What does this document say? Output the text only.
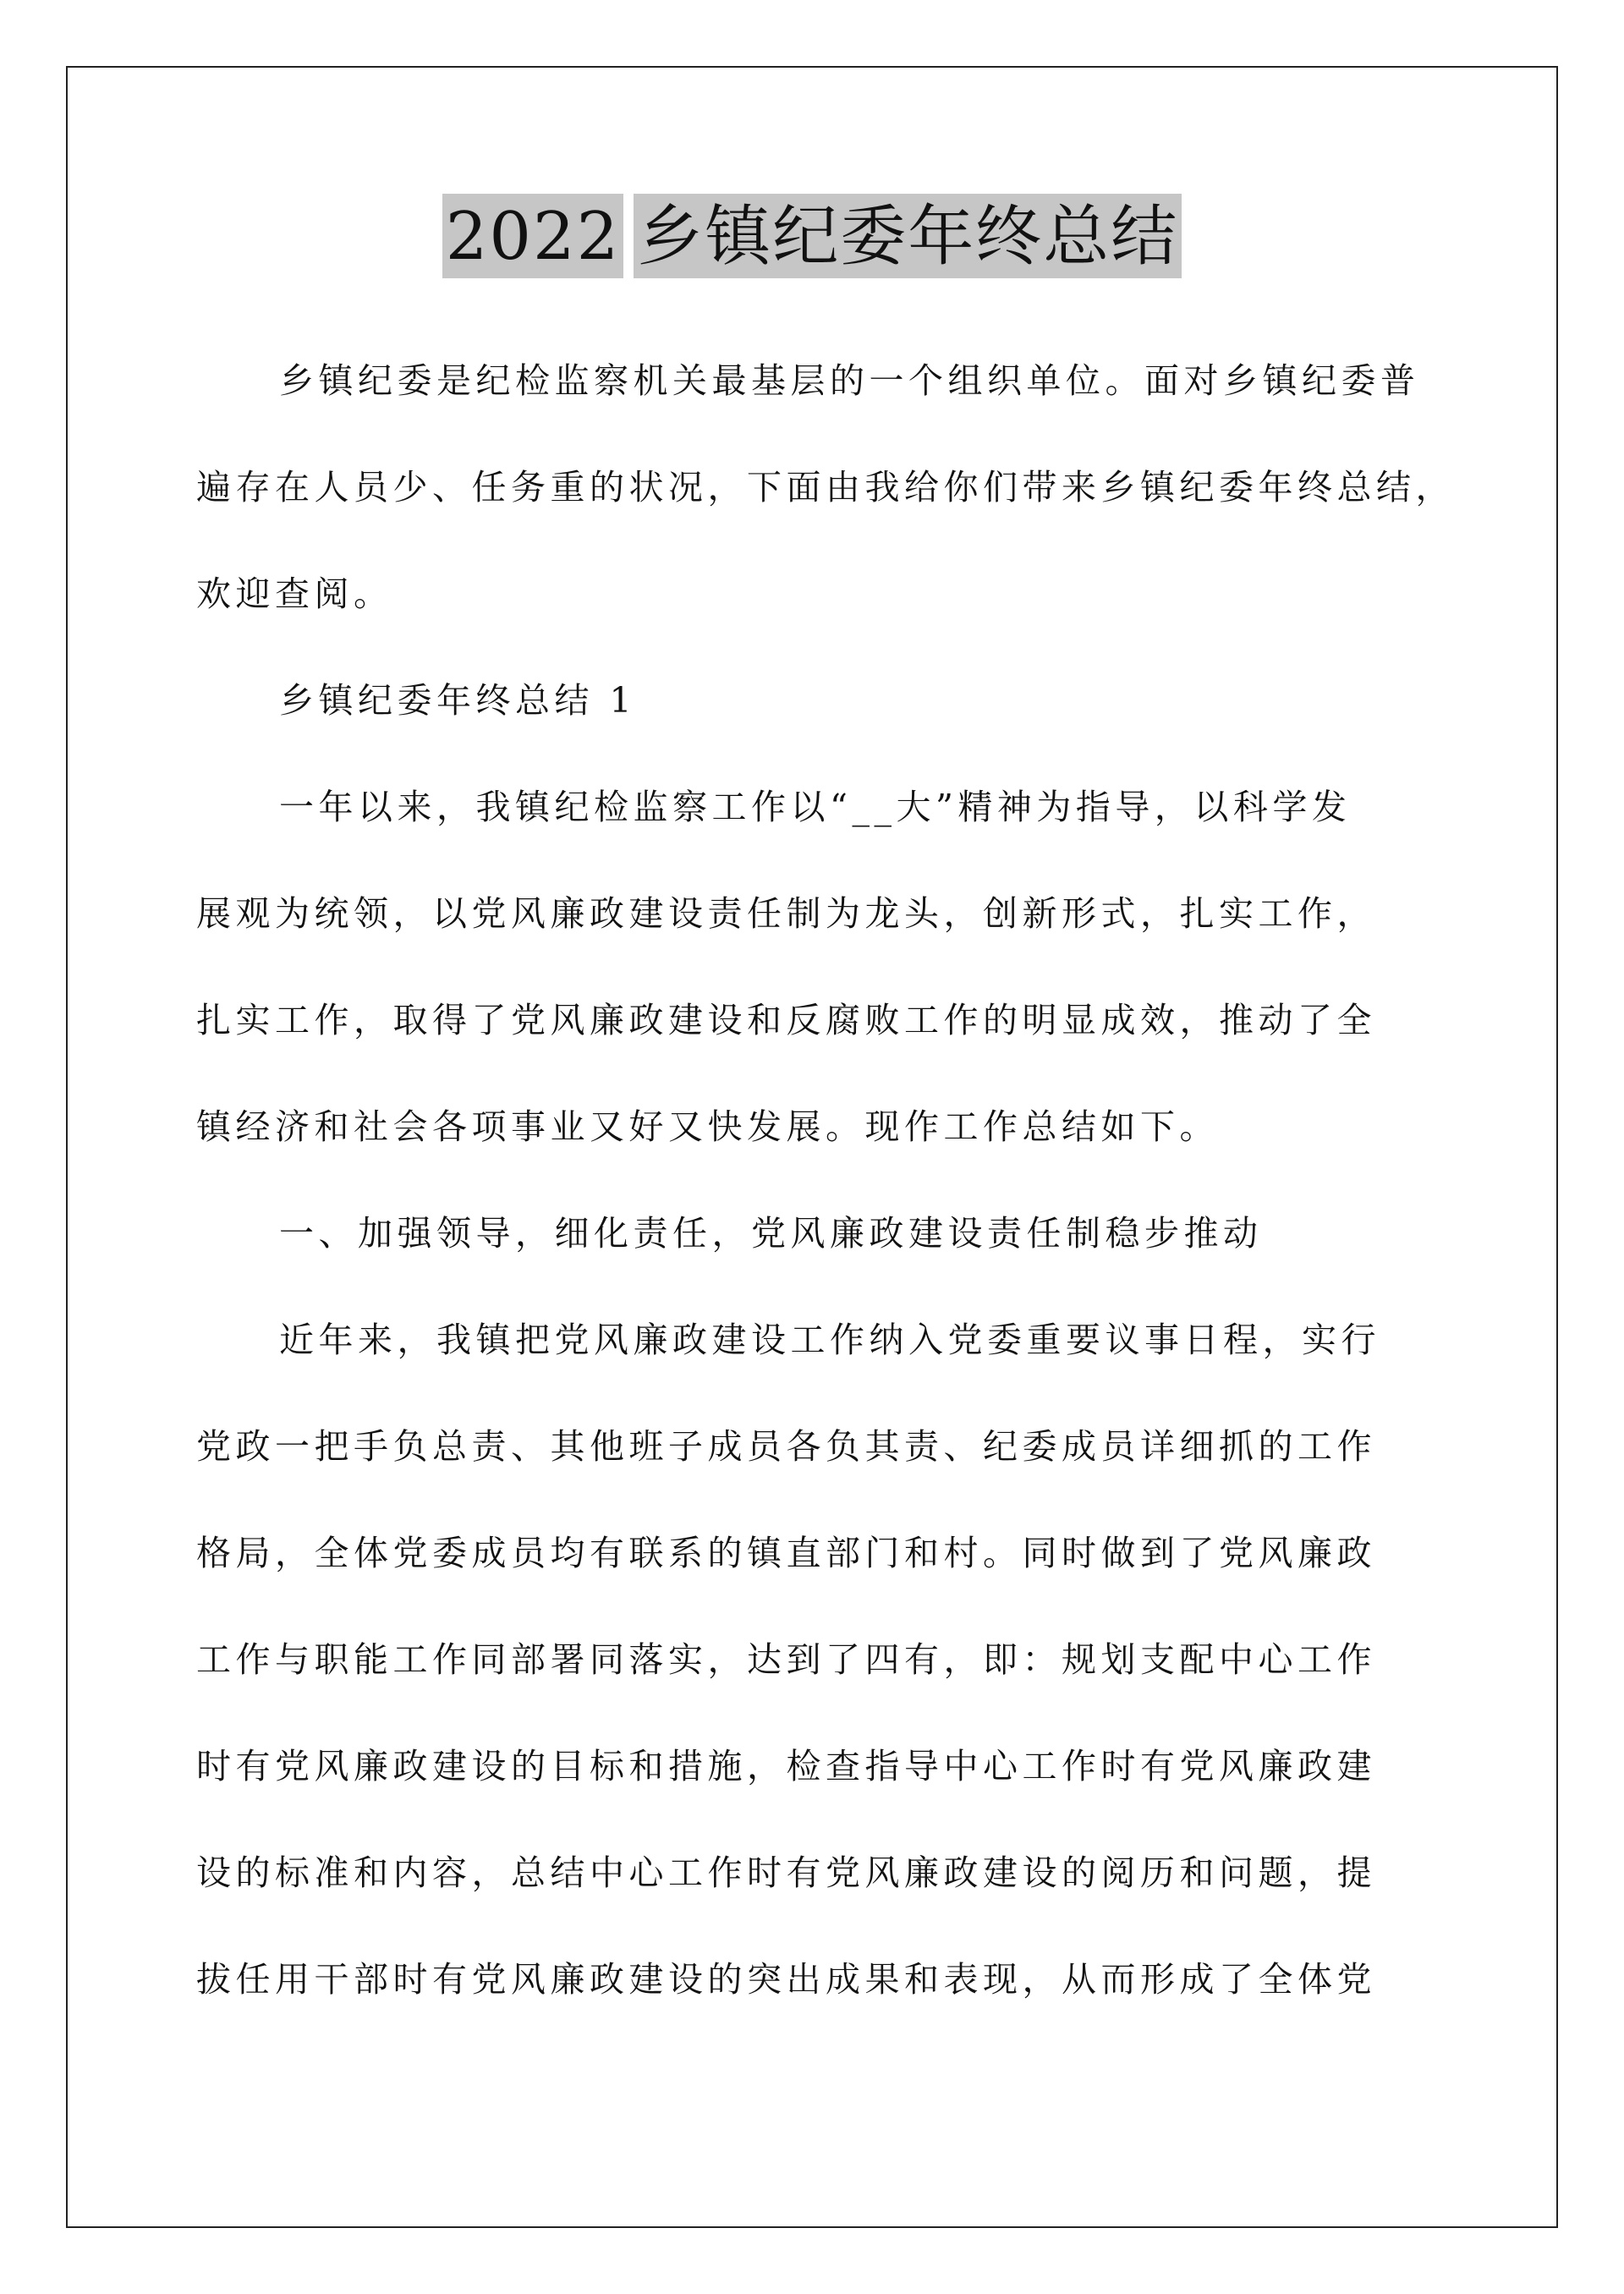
2022 乡镇纪委年终总结
乡镇纪委是纪检监察机关最基层的一个组织单位。面对乡镇纪委普
遍存在人员少、任务重的状况，下面由我给你们带来乡镇纪委年终总结，
欢迎查阅。
乡镇纪委年终总结 1
一年以来，我镇纪检监察工作以“__大”精神为指导，以科学发
展观为统领，以党风廉政建设责任制为龙头，创新形式，扎实工作，
扎实工作，取得了党风廉政建设和反腐败工作的明显成效，推动了全
镇经济和社会各项事业又好又快发展。现作工作总结如下。
一、加强领导，细化责任，党风廉政建设责任制稳步推动
近年来，我镇把党风廉政建设工作纳入党委重要议事日程，实行
党政一把手负总责、其他班子成员各负其责、纪委成员详细抓的工作
格局，全体党委成员均有联系的镇直部门和村。同时做到了党风廉政
工作与职能工作同部署同落实，达到了四有，即：规划支配中心工作
时有党风廉政建设的目标和措施，检查指导中心工作时有党风廉政建
设的标准和内容，总结中心工作时有党风廉政建设的阅历和问题，提
拔任用干部时有党风廉政建设的突出成果和表现，从而形成了全体党
